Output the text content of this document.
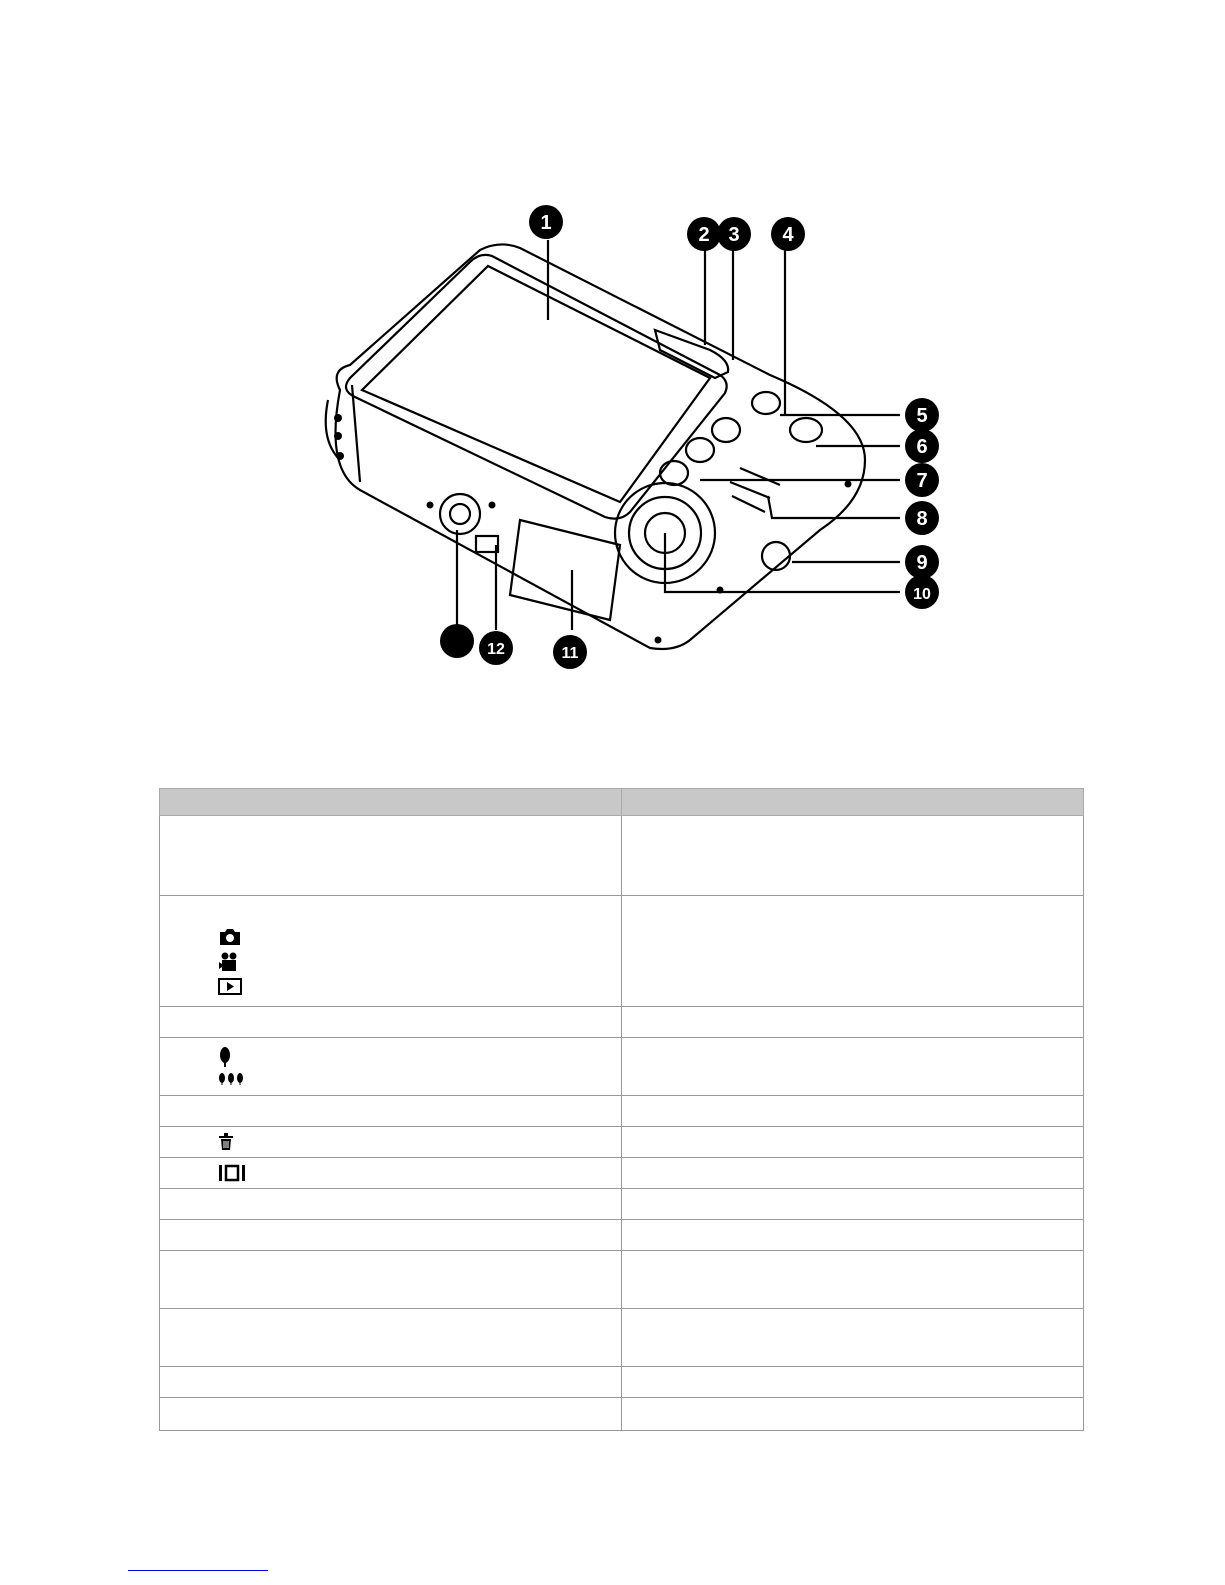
1
2 3 4
5
6
7
8
9
10
11
12
